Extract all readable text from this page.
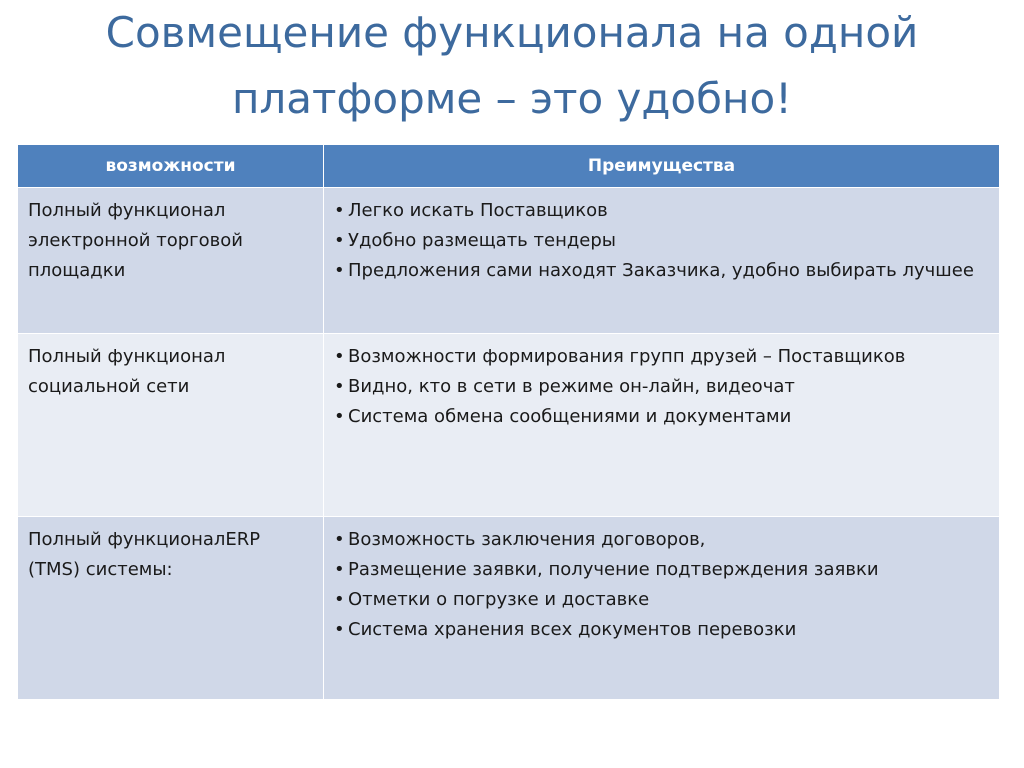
Совмещение функционала на одной
платформе – это удобно!
возможности	Преимущества
Полный функционал электронной торговой площадки	• Легко искать Поставщиков
• Удобно размещать тендеры
• Предложения сами находят Заказчика, удобно выбирать лучшее

Полный функционал социальной сети	• Возможности формирования групп друзей – Поставщиков
• Видно, кто в сети в режиме он-лайн, видеочат
• Система обмена сообщениями и документами

Полный функционалERP (TMS) системы:	• Возможность заключения договоров,
• Размещение заявки, получение подтверждения заявки
• Отметки о погрузке и доставке
• Система хранения всех документов перевозки
